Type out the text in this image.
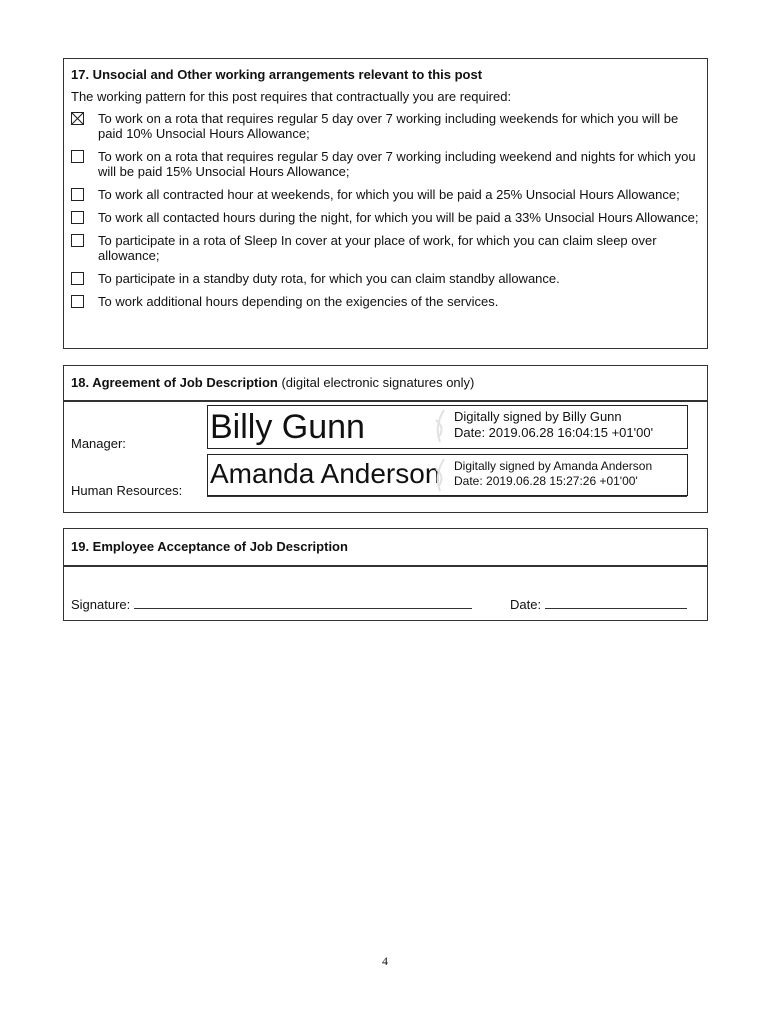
17. Unsocial and Other working arrangements relevant to this post
The working pattern for this post requires that contractually you are required:
To work on a rota that requires regular 5 day over 7 working including weekends for which you will be paid 10% Unsocial Hours Allowance;
To work on a rota that requires regular 5 day over 7 working including weekend and nights for which you will be paid 15% Unsocial Hours Allowance;
To work all contracted hour at weekends, for which you will be paid a 25% Unsocial Hours Allowance;
To work all contacted hours during the night, for which you will be paid a 33% Unsocial Hours Allowance;
To participate in a rota of Sleep In cover at your place of work, for which you can claim sleep over allowance;
To participate in a standby duty rota, for which you can claim standby allowance.
To work additional hours depending on the exigencies of the services.
18. Agreement of Job Description (digital electronic signatures only)
Manager:
Human Resources:
Billy Gunn	Digitally signed by Billy Gunn
Date: 2019.06.28 16:04:15 +01'00'
Amanda Anderson Digitally signed by Amanda Anderson
Date: 2019.06.28 15:27:26 +01'00'
19. Employee Acceptance of Job Description
Signature:	Date:
4
